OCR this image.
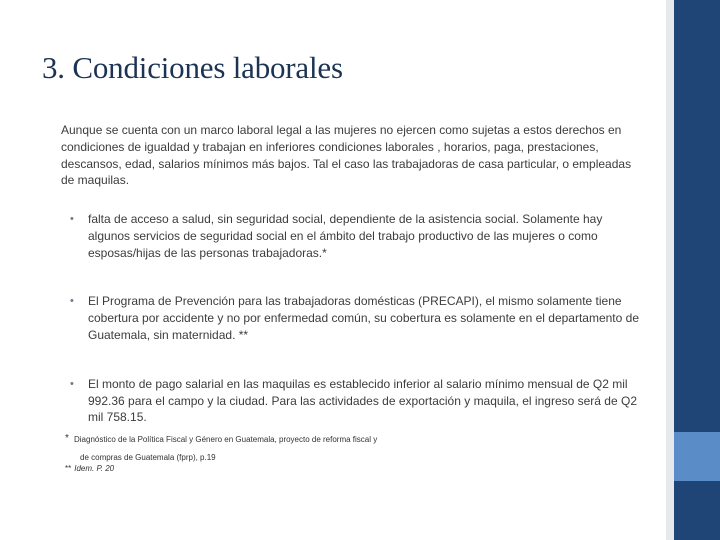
3. Condiciones laborales

Aunque se cuenta con un marco laboral legal a las mujeres no ejercen como sujetas a estos derechos en condiciones de igualdad y trabajan en inferiores condiciones laborales , horarios, paga, prestaciones, descansos, edad, salarios mínimos más bajos. Tal el caso las trabajadoras de casa particular, o empleadas de maquilas.

• falta de acceso a salud, sin seguridad social, dependiente de la asistencia social. Solamente hay algunos servicios de seguridad social en el ámbito del trabajo productivo de las mujeres o como esposas/hijas de las personas trabajadoras.*
• El Programa de Prevención para las trabajadoras domésticas (PRECAPI), el mismo solamente tiene cobertura por accidente y no por enfermedad común, su cobertura es solamente en el departamento de Guatemala, sin maternidad. **
• El monto de pago salarial en las maquilas es establecido inferior al salario mínimo mensual de Q2 mil 992.36 para el campo y la ciudad. Para las actividades de exportación y maquila, el ingreso será de Q2 mil 758.15.

* Diagnóstico de la Política Fiscal y Género en Guatemala, proyecto de reforma fiscal y
de compras de Guatemala (fprp), p.19

** Idem. P. 20
